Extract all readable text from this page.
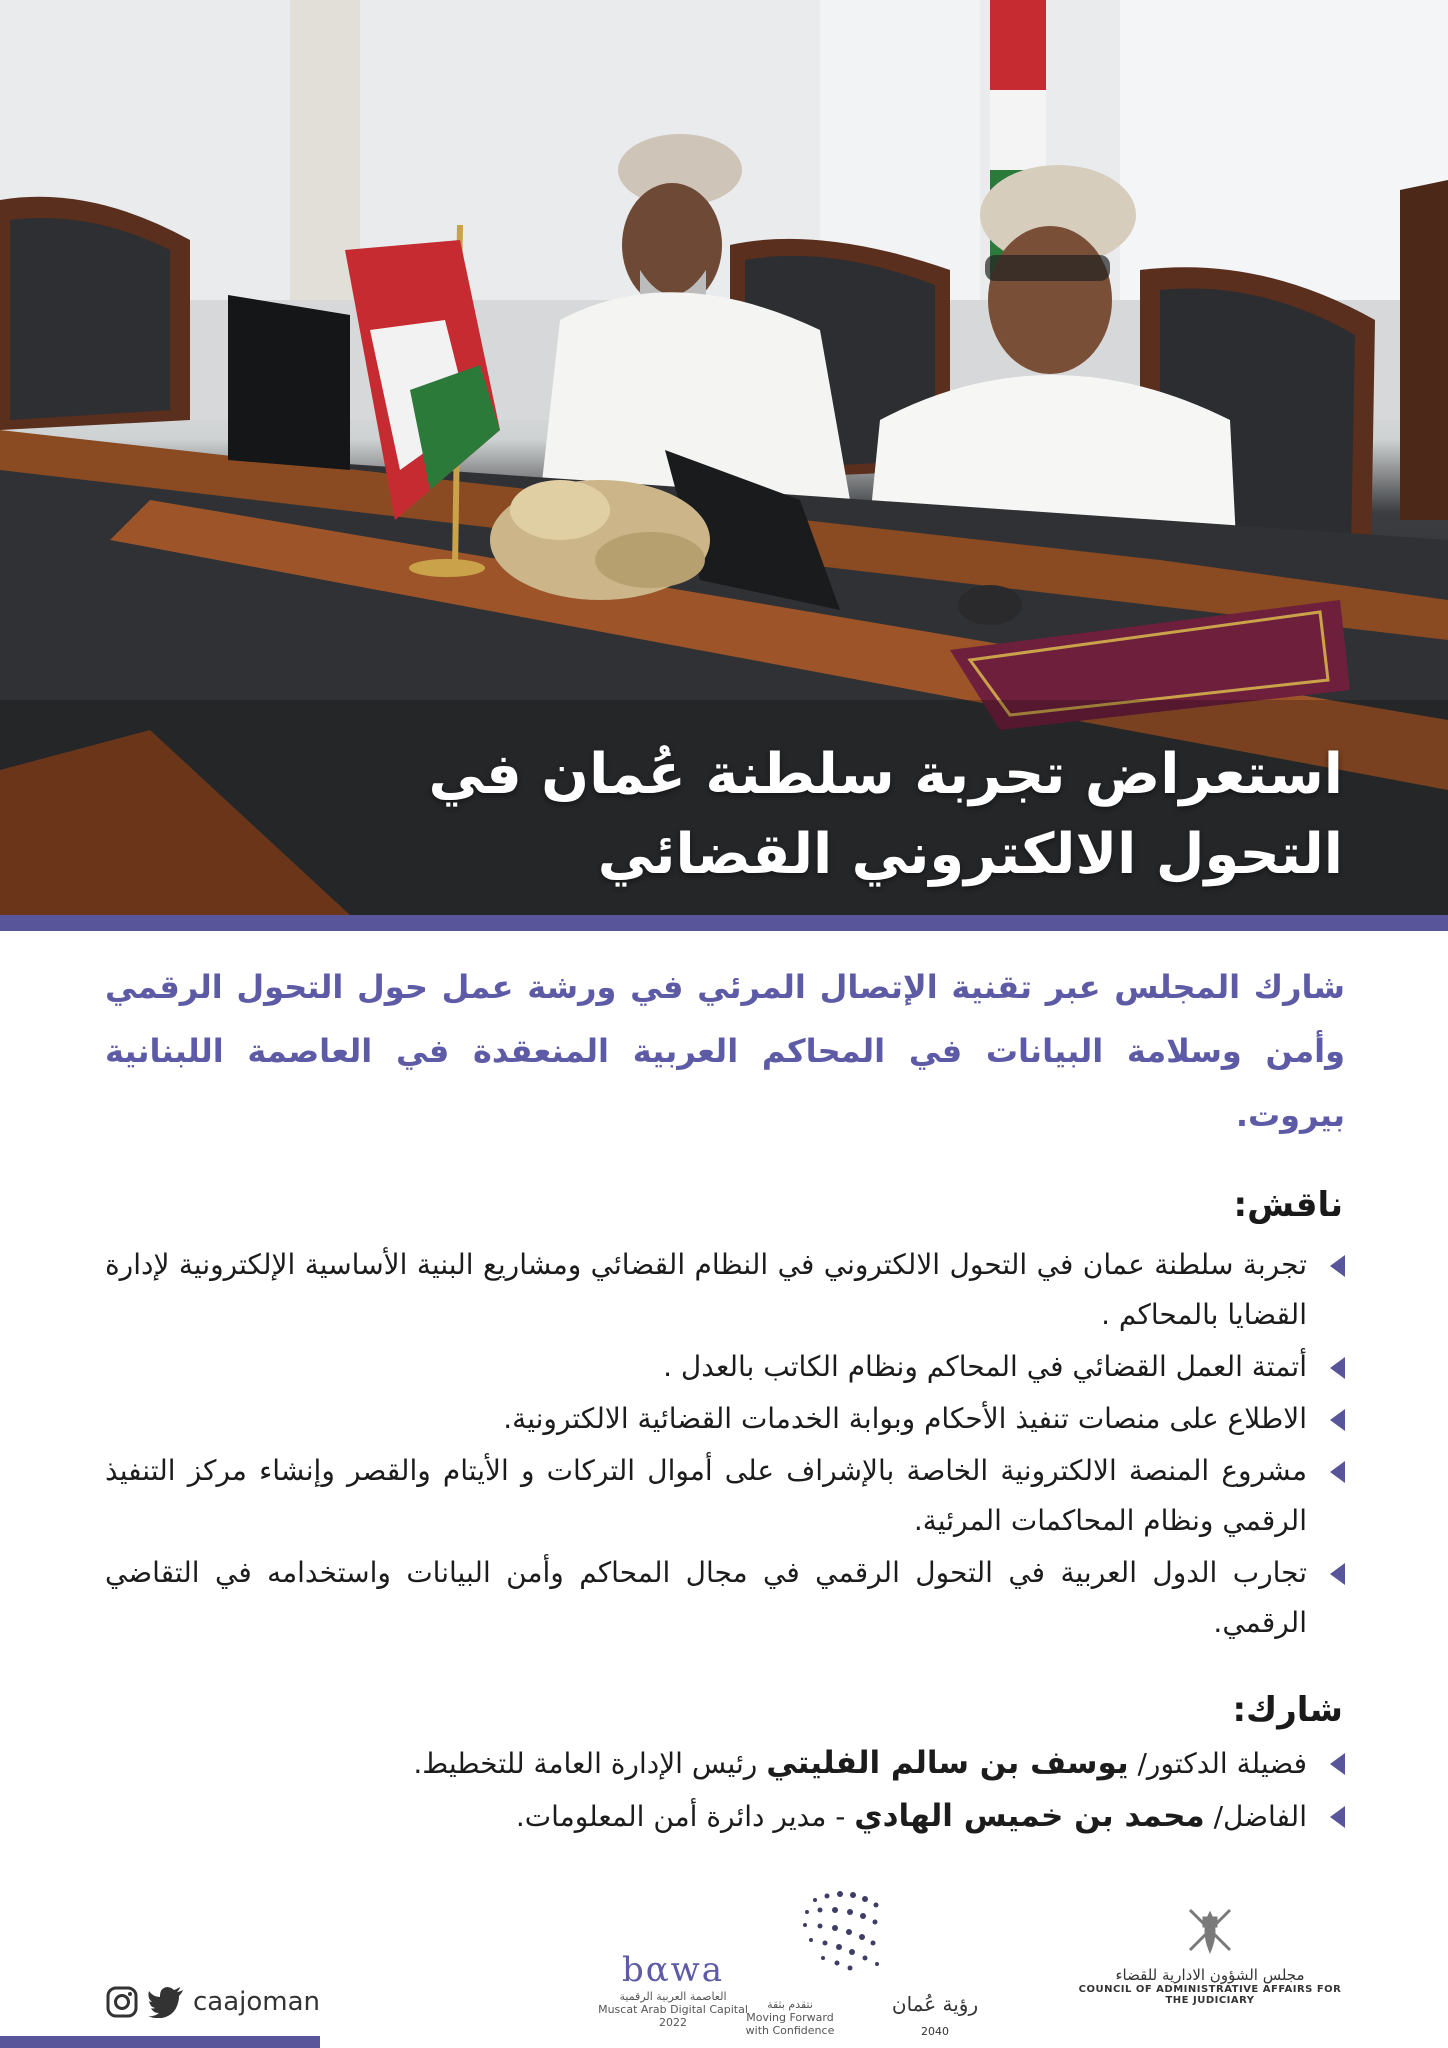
استعراض تجربة سلطنة عُمان في
التحول الالكتروني القضائي

شارك المجلس عبر تقنية الإتصال المرئي في ورشة عمل حول التحول الرقمي وأمن وسلامة البيانات في المحاكم العربية المنعقدة في العاصمة اللبنانية بيروت.

ناقش:
تجربة سلطنة عمان في التحول الالكتروني في النظام القضائي ومشاريع البنية الأساسية الإلكترونية لإدارة القضايا بالمحاكم .
أتمتة العمل القضائي في المحاكم ونظام الكاتب بالعدل .
الاطلاع على منصات تنفيذ الأحكام وبوابة الخدمات القضائية الالكترونية.
مشروع المنصة الالكترونية الخاصة بالإشراف على أموال التركات و الأيتام والقصر وإنشاء مركز التنفيذ الرقمي ونظام المحاكمات المرئية.
تجارب الدول العربية في التحول الرقمي في مجال المحاكم وأمن البيانات واستخدامه في التقاضي الرقمي.
شارك:
فضيلة الدكتور/ يوسف بن سالم الفليتي رئيس الإدارة العامة للتخطيط.
الفاضل/ محمد بن خميس الهادي - مدير دائرة أمن المعلومات.
caajoman
bαwa
العاصمة العربية الرقمية
Muscat Arab Digital Capital
2022
نتقدم بثقة
Moving Forward with Confidence
رؤية عُمان 2040
مجلس الشؤون الادارية للقضاء
COUNCIL OF ADMINISTRATIVE AFFAIRS FOR THE JUDICIARY
